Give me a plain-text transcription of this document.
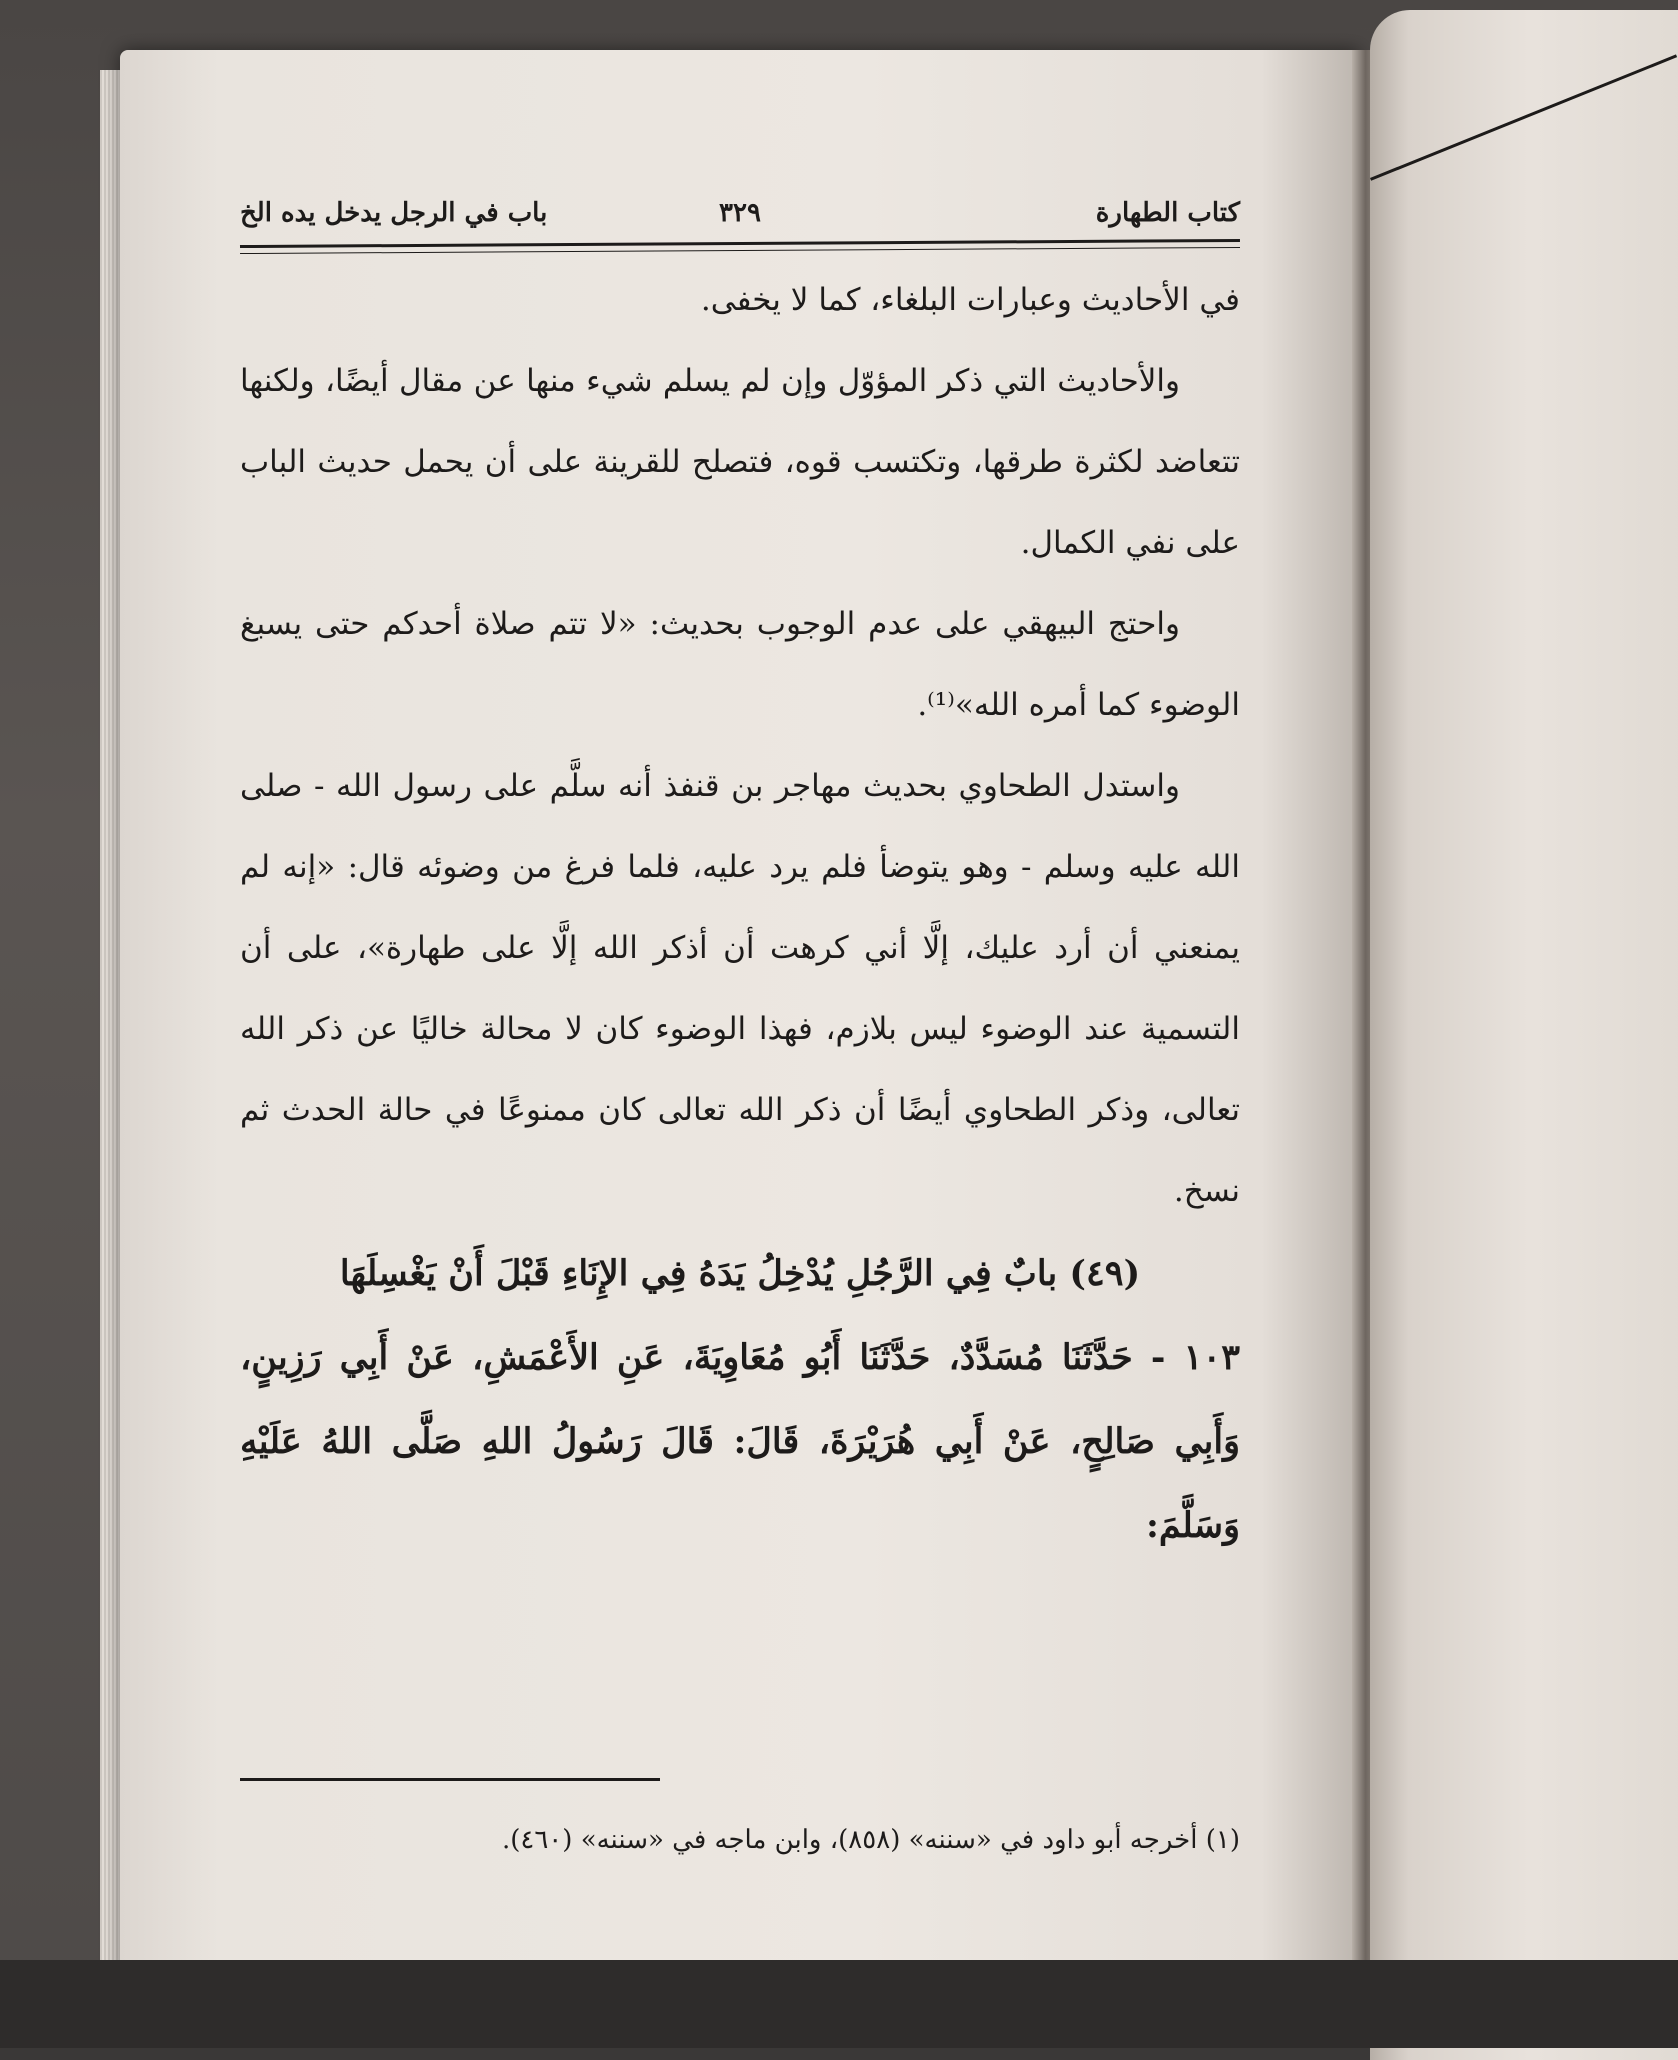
كتاب الطهارة
٣٢٩
باب في الرجل يدخل يده الخ

في الأحاديث وعبارات البلغاء، كما لا يخفى.

والأحاديث التي ذكر المؤوّل وإن لم يسلم شيء منها عن مقال أيضًا، ولكنها تتعاضد لكثرة طرقها، وتكتسب قوه، فتصلح للقرينة على أن يحمل حديث الباب على نفي الكمال.

واحتج البيهقي على عدم الوجوب بحديث: «لا تتم صلاة أحدكم حتى يسبغ الوضوء كما أمره الله»⁽¹⁾.

واستدل الطحاوي بحديث مهاجر بن قنفذ أنه سلَّم على رسول الله - صلى الله عليه وسلم - وهو يتوضأ فلم يرد عليه، فلما فرغ من وضوئه قال: «إنه لم يمنعني أن أرد عليك، إلَّا أني كرهت أن أذكر الله إلَّا على طهارة»، على أن التسمية عند الوضوء ليس بلازم، فهذا الوضوء كان لا محالة خاليًا عن ذكر الله تعالى، وذكر الطحاوي أيضًا أن ذكر الله تعالى كان ممنوعًا في حالة الحدث ثم نسخ.

(٤٩) بابٌ فِي الرَّجُلِ يُدْخِلُ يَدَهُ فِي الإِنَاءِ قَبْلَ أَنْ يَغْسِلَهَا

١٠٣ - حَدَّثَنَا مُسَدَّدٌ، حَدَّثَنَا أَبُو مُعَاوِيَةَ، عَنِ الأَعْمَشِ، عَنْ أَبِي رَزِينٍ، وَأَبِي صَالِحٍ، عَنْ أَبِي هُرَيْرَةَ، قَالَ: قَالَ رَسُولُ اللهِ صَلَّى اللهُ عَلَيْهِ وَسَلَّمَ:

(١) أخرجه أبو داود في «سننه» (٨٥٨)، وابن ماجه في «سننه» (٤٦٠).
